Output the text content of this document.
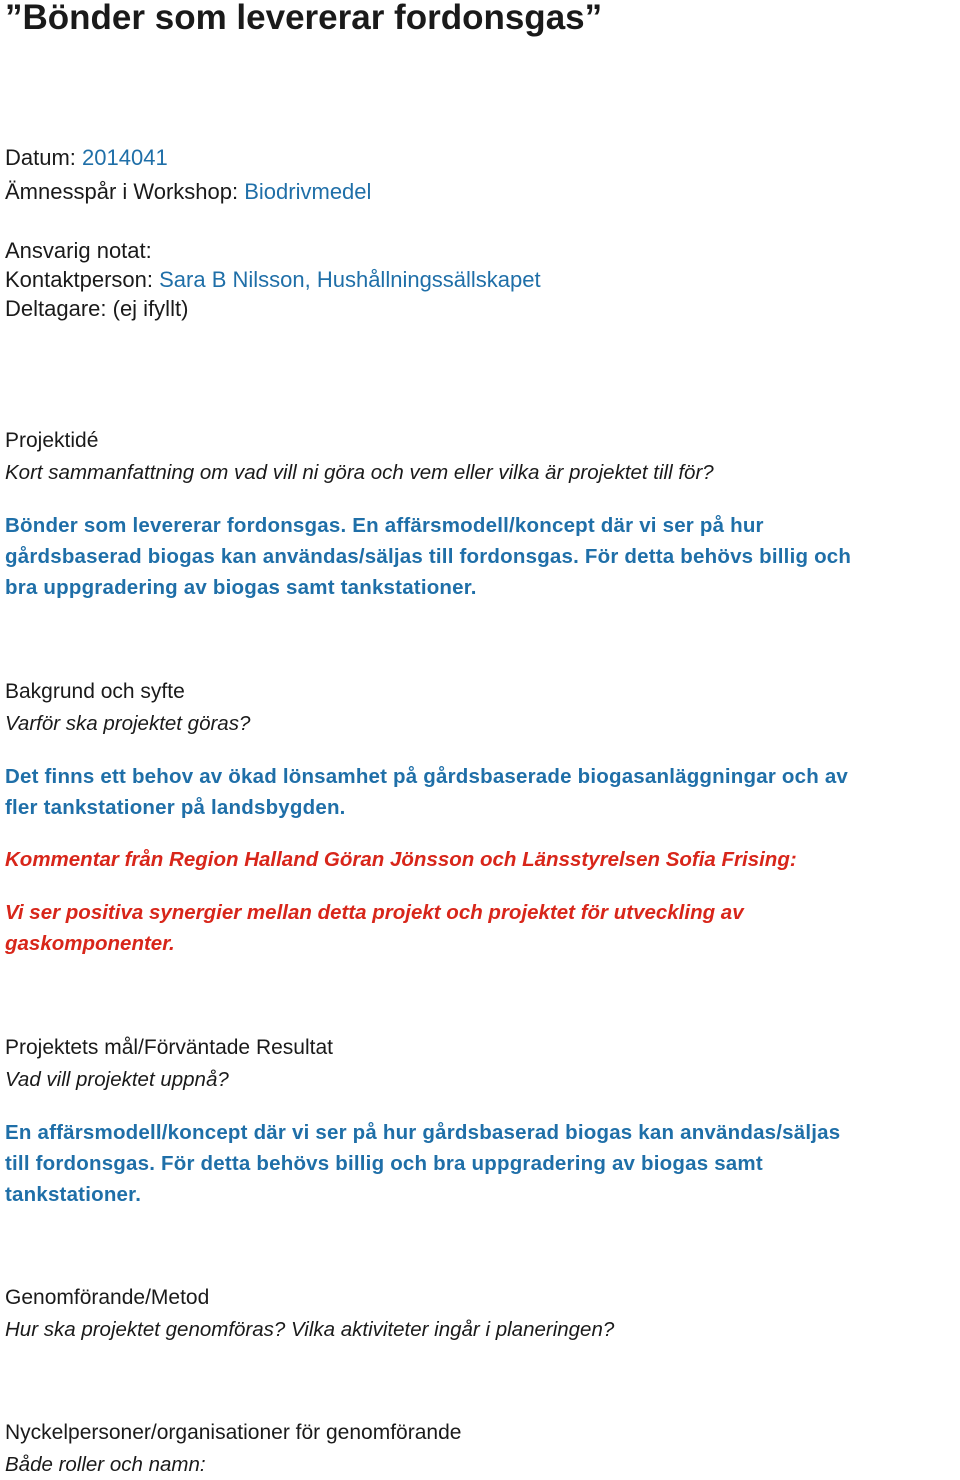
”Bönder som levererar fordonsgas”
Datum: 2014041
Ämnesspår i Workshop: Biodrivmedel
Ansvarig notat:
Kontaktperson: Sara B Nilsson, Hushållningssällskapet
Deltagare: (ej ifyllt)
Projektidé
Kort sammanfattning om vad vill ni göra och vem eller vilka är projektet till för?
Bönder som levererar fordonsgas. En affärsmodell/koncept där vi ser på hur
gårdsbaserad biogas kan användas/säljas till fordonsgas. För detta behövs billig och
bra uppgradering av biogas samt tankstationer.
Bakgrund och syfte
Varför ska projektet göras?
Det finns ett behov av ökad lönsamhet på gårdsbaserade biogasanläggningar och av
fler tankstationer på landsbygden.
Kommentar från Region Halland Göran Jönsson och Länsstyrelsen Sofia Frising:
Vi ser positiva synergier mellan detta projekt och projektet för utveckling av
gaskomponenter.
Projektets mål/Förväntade Resultat
Vad vill projektet uppnå?
En affärsmodell/koncept där vi ser på hur gårdsbaserad biogas kan användas/säljas
till fordonsgas. För detta behövs billig och bra uppgradering av biogas samt
tankstationer.
Genomförande/Metod
Hur ska projektet genomföras? Vilka aktiviteter ingår i planeringen?
Nyckelpersoner/organisationer för genomförande
Både roller och namn:
